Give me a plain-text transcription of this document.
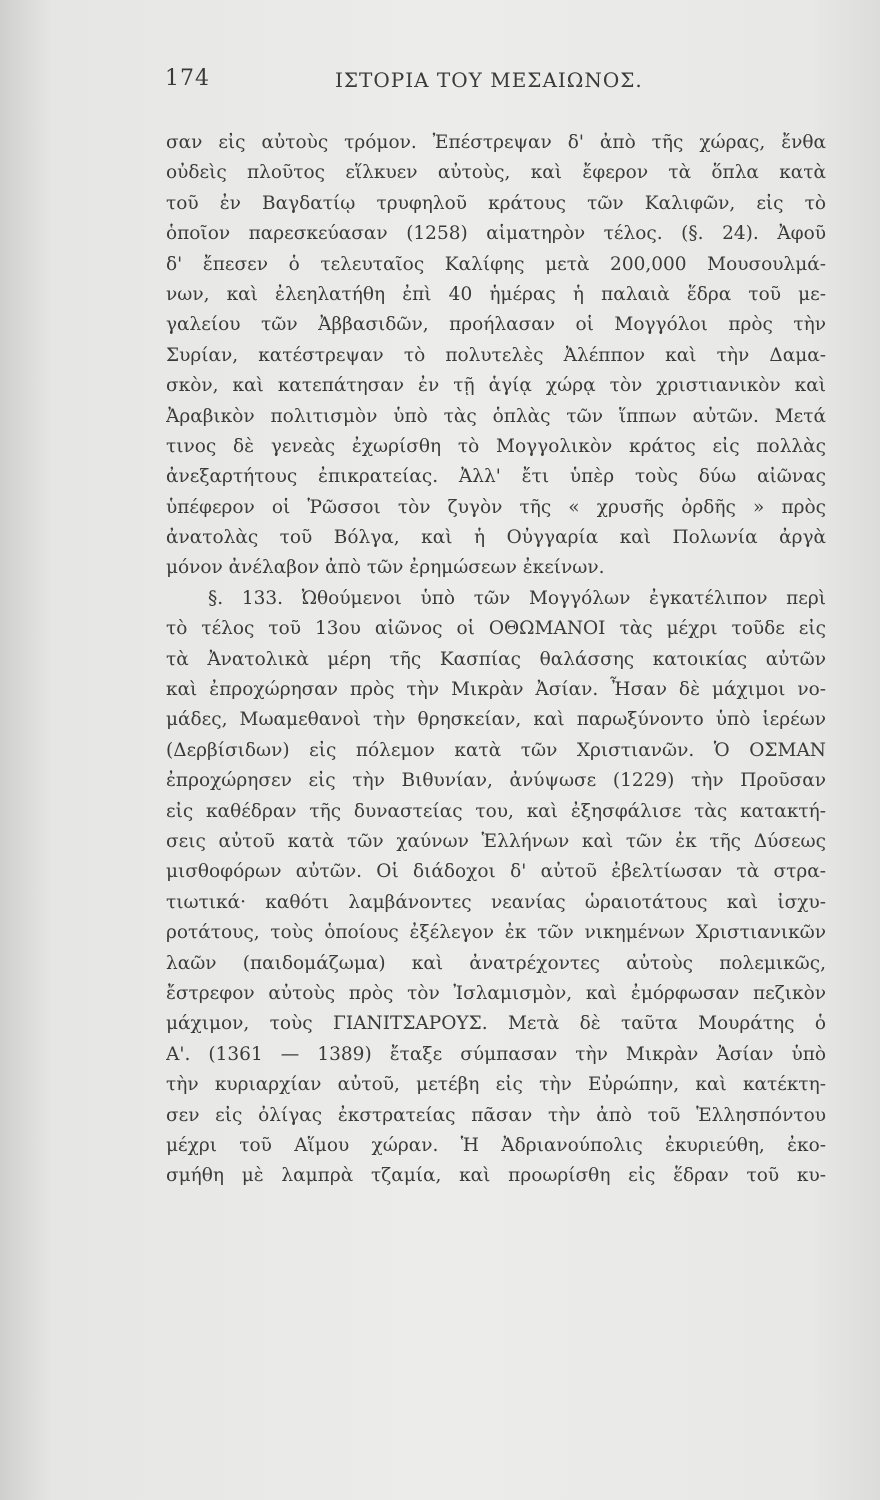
174	ΙΣΤΟΡΙΑ ΤΟΥ ΜΕΣΑΙΩΝΟΣ.
σαν εἰς αὐτοὺς τρόμον. Ἐπέστρεψαν δ' ἀπὸ τῆς χώρας, ἔνθα
οὐδεὶς πλοῦτος εἵλκυεν αὐτοὺς, καὶ ἔφερον τὰ ὅπλα κατὰ
τοῦ ἐν Βαγδατίῳ τρυφηλοῦ κράτους τῶν Καλιφῶν, εἰς τὸ
ὁποῖον παρεσκεύασαν (1258) αἱματηρὸν τέλος. (§. 24). Ἀφοῦ
δ' ἔπεσεν ὁ τελευταῖος Καλίφης μετὰ 200,000 Μουσουλμά-
νων, καὶ ἐλεηλατήθη ἐπὶ 40 ἡμέρας ἡ παλαιὰ ἕδρα τοῦ με-
γαλείου τῶν Ἀββασιδῶν, προήλασαν οἱ Μογγόλοι πρὸς τὴν
Συρίαν, κατέστρεψαν τὸ πολυτελὲς Ἀλέππον καὶ τὴν Δαμα-
σκὸν, καὶ κατεπάτησαν ἐν τῇ ἁγίᾳ χώρᾳ τὸν χριστιανικὸν καὶ
Ἀραβικὸν πολιτισμὸν ὑπὸ τὰς ὁπλὰς τῶν ἵππων αὐτῶν. Μετά
τινος δὲ γενεὰς ἐχωρίσθη τὸ Μογγολικὸν κράτος εἰς πολλὰς
ἀνεξαρτήτους ἐπικρατείας. Ἀλλ' ἔτι ὑπὲρ τοὺς δύω αἰῶνας
ὑπέφερον οἱ Ῥῶσσοι τὸν ζυγὸν τῆς « χρυσῆς ὀρδῆς » πρὸς
ἀνατολὰς τοῦ Βόλγα, καὶ ἡ Οὐγγαρία καὶ Πολωνία ἀργὰ
μόνον ἀνέλαβον ἀπὸ τῶν ἐρημώσεων ἐκείνων.
§. 133. Ὠθούμενοι ὑπὸ τῶν Μογγόλων ἐγκατέλιπον περὶ
τὸ τέλος τοῦ 13ου αἰῶνος οἱ ΟΘΩΜΑΝΟΙ τὰς μέχρι τοῦδε εἰς
τὰ Ἀνατολικὰ μέρη τῆς Κασπίας θαλάσσης κατοικίας αὐτῶν
καὶ ἐπροχώρησαν πρὸς τὴν Μικρὰν Ἀσίαν. Ἦσαν δὲ μάχιμοι νο-
μάδες, Μωαμεθανοὶ τὴν θρησκείαν, καὶ παρωξύνοντο ὑπὸ ἱερέων
(Δερβίσιδων) εἰς πόλεμον κατὰ τῶν Χριστιανῶν. Ὁ ΟΣΜΑΝ
ἐπροχώρησεν εἰς τὴν Βιθυνίαν, ἀνύψωσε (1229) τὴν Προῦσαν
εἰς καθέδραν τῆς δυναστείας του, καὶ ἐξησφάλισε τὰς κατακτή-
σεις αὐτοῦ κατὰ τῶν χαύνων Ἑλλήνων καὶ τῶν ἐκ τῆς Δύσεως
μισθοφόρων αὐτῶν. Οἱ διάδοχοι δ' αὐτοῦ ἐβελτίωσαν τὰ στρα-
τιωτικά· καθότι λαμβάνοντες νεανίας ὡραιοτάτους καὶ ἰσχυ-
ροτάτους, τοὺς ὁποίους ἐξέλεγον ἐκ τῶν νικημένων Χριστιανικῶν
λαῶν (παιδομάζωμα) καὶ ἀνατρέχοντες αὐτοὺς πολεμικῶς,
ἔστρεφον αὐτοὺς πρὸς τὸν Ἰσλαμισμὸν, καὶ ἐμόρφωσαν πεζικὸν
μάχιμον, τοὺς ΓΙΑΝΙΤΣΑΡΟΥΣ. Μετὰ δὲ ταῦτα Μουράτης ὁ
Α'. (1361 — 1389) ἔταξε σύμπασαν τὴν Μικρὰν Ἀσίαν ὑπὸ
τὴν κυριαρχίαν αὐτοῦ, μετέβη εἰς τὴν Εὐρώπην, καὶ κατέκτη-
σεν εἰς ὀλίγας ἐκστρατείας πᾶσαν τὴν ἀπὸ τοῦ Ἑλλησπόντου
μέχρι τοῦ Αἵμου χώραν. Ἡ Ἀδριανούπολις ἐκυριεύθη, ἐκο-
σμήθη μὲ λαμπρὰ τζαμία, καὶ προωρίσθη εἰς ἕδραν τοῦ κυ-
